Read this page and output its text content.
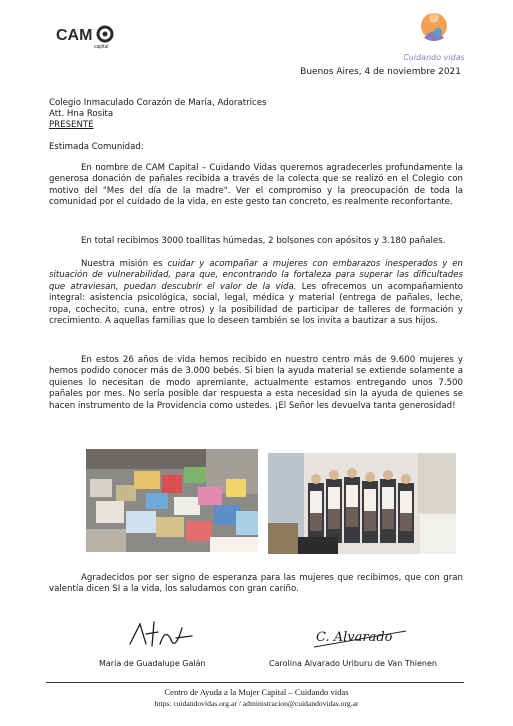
CAM
capital
Cuidando vidas
Buenos Aires, 4 de noviembre 2021
Colegio Inmaculado Corazón de María, Adoratrices
Att. Hna Rosita
PRESENTE
Estimada Comunidad:

En nombre de CAM Capital – Cuidando Vidas queremos agradecerles profundamente la generosa donación de pañales recibida a través de la colecta que se realizó en el Colegio con motivo del "Mes del día de la madre". Ver el compromiso y la preocupación de toda la comunidad por el cuidado de la vida, en este gesto tan concreto, es realmente reconfortante.

En total recibimos 3000 toallitas húmedas, 2 bolsones con apósitos y 3.180 pañales.

Nuestra misión es cuidar y acompañar a mujeres con embarazos inesperados y en situación de vulnerabilidad, para que, encontrando la fortaleza para superar las dificultades que atraviesan, puedan descubrir el valor de la vida. Les ofrecemos un acompañamiento integral: asistencia psicológica, social, legal, médica y material (entrega de pañales, leche, ropa, cochecito, cuna, entre otros) y la posibilidad de participar de talleres de formación y crecimiento. A aquellas familias que lo deseen también se los invita a bautizar a sus hijos.

En estos 26 años de vida hemos recibido en nuestro centro más de 9.600 mujeres y hemos podido conocer más de 3.000 bebés. Si bien la ayuda material se extiende solamente a quienes lo necesitan de modo apremiante, actualmente estamos entregando unos 7.500 pañales por mes. No sería posible dar respuesta a esta necesidad sin la ayuda de quienes se hacen instrumento de la Providencia como ustedes. ¡El Señor les devuelva tanta generosidad!

Agradecidos por ser signo de esperanza para las mujeres que recibimos, que con gran valentía dicen SI a la vida, los saludamos con gran cariño.

C. Alvarado
María de Guadalupe Galán	Carolina Alvarado Uriburu de Van Thienen
Centro de Ayuda a la Mujer Capital – Cuidando vidas
https: cuidandovidas.org.ar / administracion@cuidandovidas.org.ar
